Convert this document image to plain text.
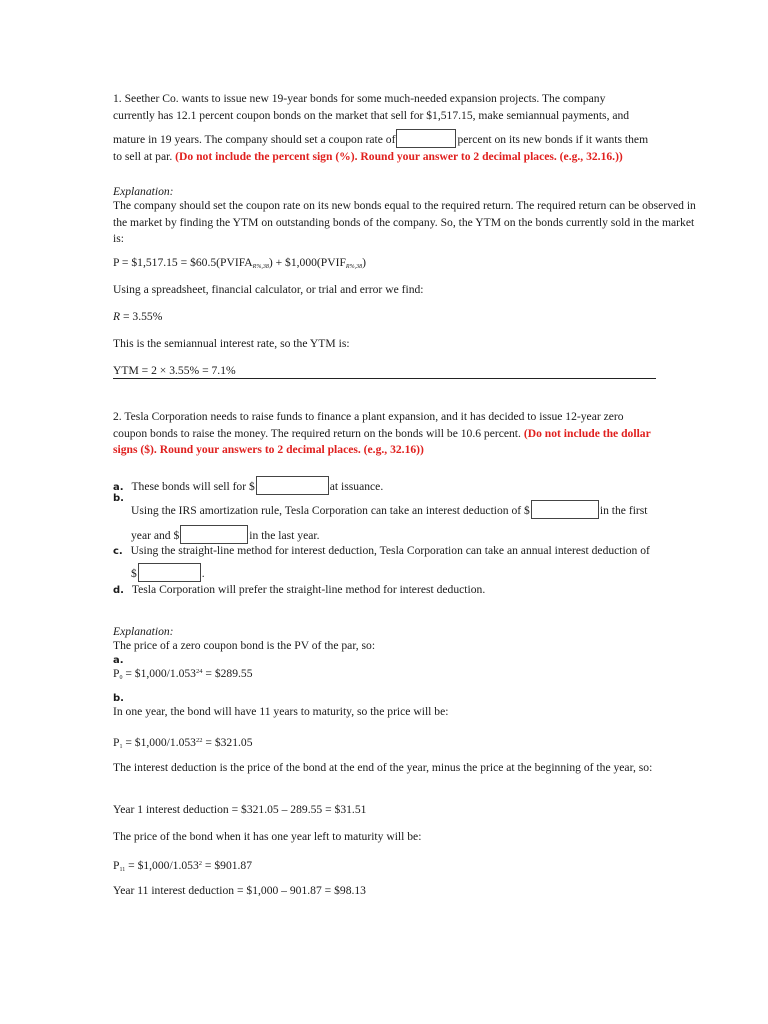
1. Seether Co. wants to issue new 19-year bonds for some much-needed expansion projects. The company
currently has 12.1 percent coupon bonds on the market that sell for $1,517.15, make semiannual payments, and
mature in 19 years. The company should set a coupon rate of	percent on its new bonds if it wants them
to sell at par. (Do not include the percent sign (%). Round your answer to 2 decimal places. (e.g., 32.16.))
Explanation:
The company should set the coupon rate on its new bonds equal to the required return. The required return can be observed in the market by finding the YTM on outstanding bonds of the company. So, the YTM on the bonds currently sold in the market is:
P = $1,517.15 = $60.5(PVIFAR%,38) + $1,000(PVIFR%,38)
Using a spreadsheet, financial calculator, or trial and error we find:
R = 3.55%
This is the semiannual interest rate, so the YTM is:
YTM = 2 × 3.55% = 7.1%
2. Tesla Corporation needs to raise funds to finance a plant expansion, and it has decided to issue 12-year zero
coupon bonds to raise the money. The required return on the bonds will be 10.6 percent. (Do not include the dollar
signs ($). Round your answers to 2 decimal places. (e.g., 32.16))
a. These bonds will sell for $	at issuance.
b.
Using the IRS amortization rule, Tesla Corporation can take an interest deduction of $	in the first
year and $	in the last year.
c. Using the straight-line method for interest deduction, Tesla Corporation can take an annual interest deduction of
$	.
d. Tesla Corporation will prefer the straight-line method for interest deduction.
Explanation:
The price of a zero coupon bond is the PV of the par, so:
a.
$P0 = \$1,000/1.053^{24}$ = $289.55
b.
In one year, the bond will have 11 years to maturity, so the price will be:
$P1 = \$1,000/1.053^{22}$ = $321.05
The interest deduction is the price of the bond at the end of the year, minus the price at the beginning of the year, so:
Year 1 interest deduction = $321.05 – 289.55 = $31.51
The price of the bond when it has one year left to maturity will be:
$P11 = \$1,000/1.053^2$ = $901.87
Year 11 interest deduction = $1,000 – 901.87 = $98.13
